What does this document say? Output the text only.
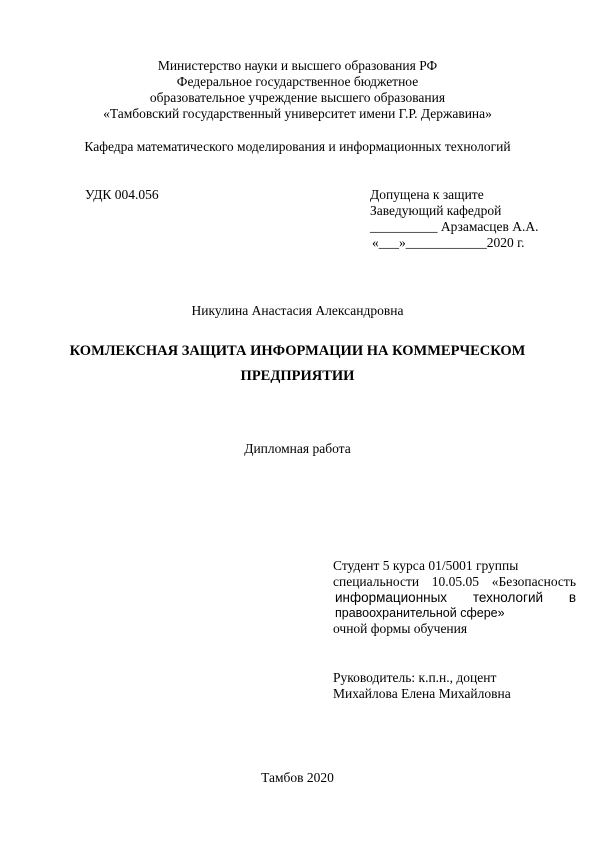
Министерство науки и высшего образования РФ
Федеральное государственное бюджетное
образовательное учреждение высшего образования
«Тамбовский государственный университет имени Г.Р. Державина»
Кафедра математического моделирования и информационных технологий
УДК 004.056	Допущена к защите
Заведующий кафедрой
__________ Арзамасцев А.А.
«___»____________2020 г.
Никулина Анастасия Александровна
КОМЛЕКСНАЯ ЗАЩИТА ИНФОРМАЦИИ НА КОММЕРЧЕСКОМ
ПРЕДПРИЯТИИ
Дипломная работа
Студент 5 курса 01/5001 группы
специальности 10.05.05 «Безопасность
информационных технологий в
правоохранительной сфере»
очной формы обучения
Руководитель: к.п.н., доцент
Михайлова Елена Михайловна
Тамбов 2020
